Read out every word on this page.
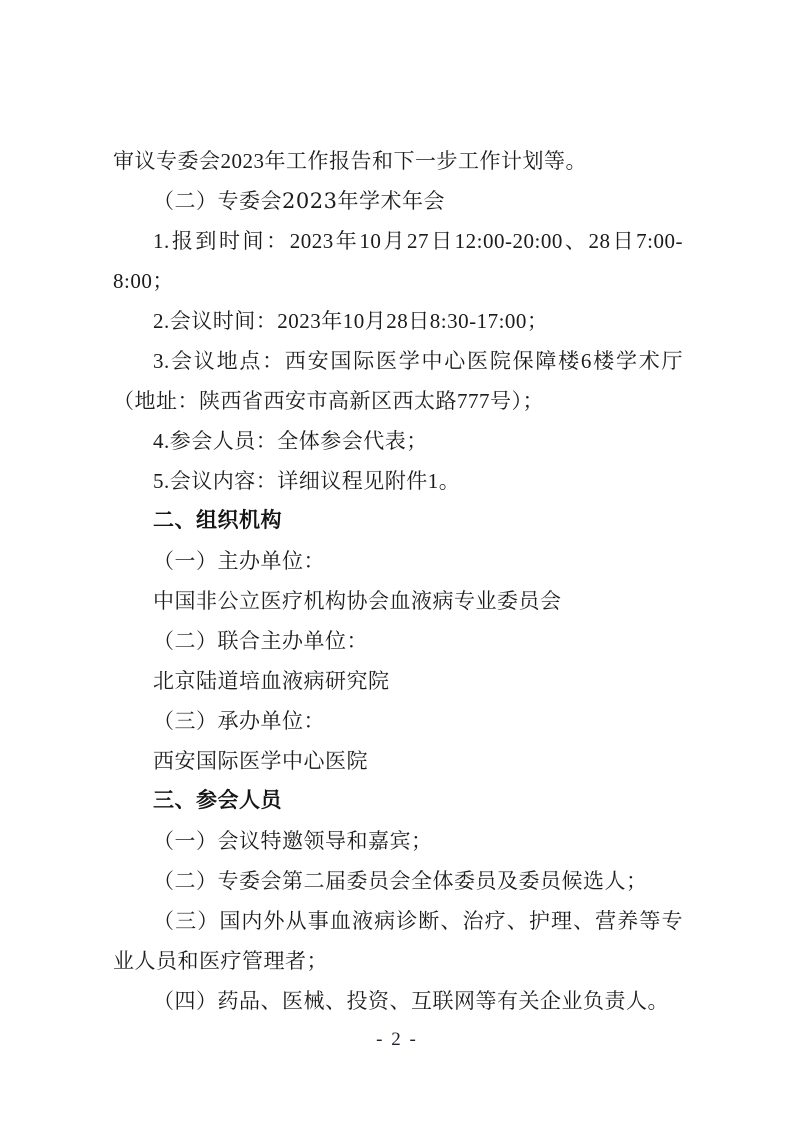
审议专委会2023年工作报告和下一步工作计划等。

（二）专委会2023年学术年会

1.报到时间：2023年10月27日12:00-20:00、28日7:00-8:00；

2.会议时间：2023年10月28日8:30-17:00；

3.会议地点：西安国际医学中心医院保障楼6楼学术厅（地址：陕西省西安市高新区西太路777号）；

4.参会人员：全体参会代表；

5.会议内容：详细议程见附件1。

二、组织机构

（一）主办单位：

中国非公立医疗机构协会血液病专业委员会

（二）联合主办单位：

北京陆道培血液病研究院

（三）承办单位：

西安国际医学中心医院

三、参会人员

（一）会议特邀领导和嘉宾；

（二）专委会第二届委员会全体委员及委员候选人；

（三）国内外从事血液病诊断、治疗、护理、营养等专业人员和医疗管理者；

（四）药品、医械、投资、互联网等有关企业负责人。

- 2 -
